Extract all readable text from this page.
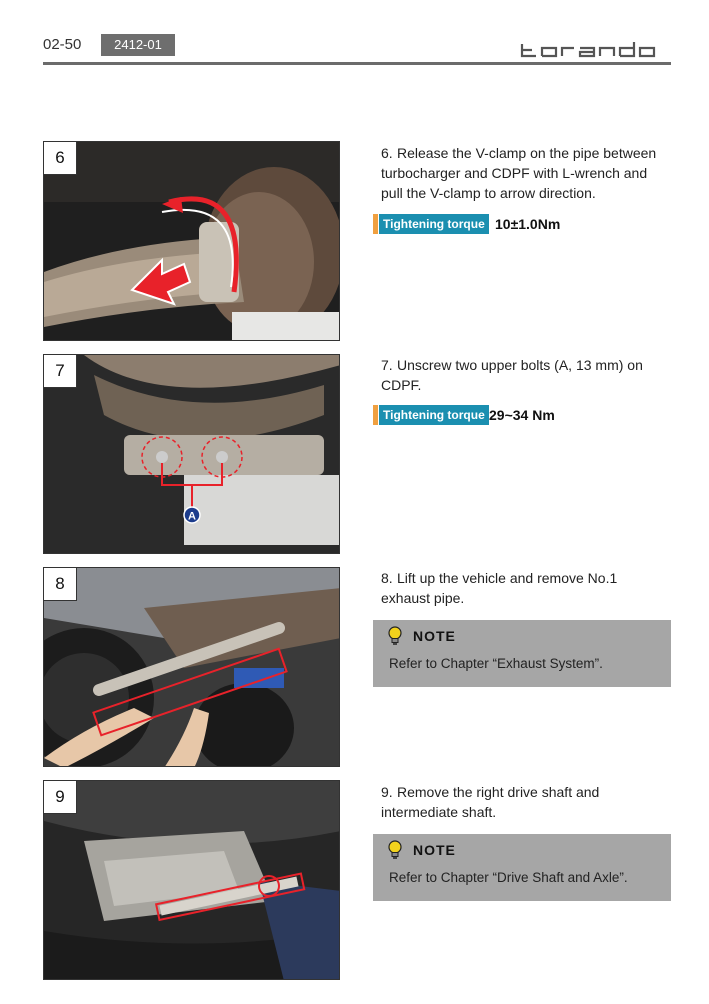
02-50	2412-01
6	6. Release the V-clamp on the pipe between turbocharger and CDPF with L-wrench and pull the V-clamp to arrow direction.
Tightening torque 10±1.0Nm
A
7	7. Unscrew two upper bolts (A, 13 mm) on CDPF.
Tightening torque 29~34 Nm
8	8. Lift up the vehicle and remove No.1 exhaust pipe.
NOTE
Refer to Chapter “Exhaust System”.
9	9. Remove the right drive shaft and intermediate shaft.
NOTE
Refer to Chapter “Drive Shaft and Axle”.
